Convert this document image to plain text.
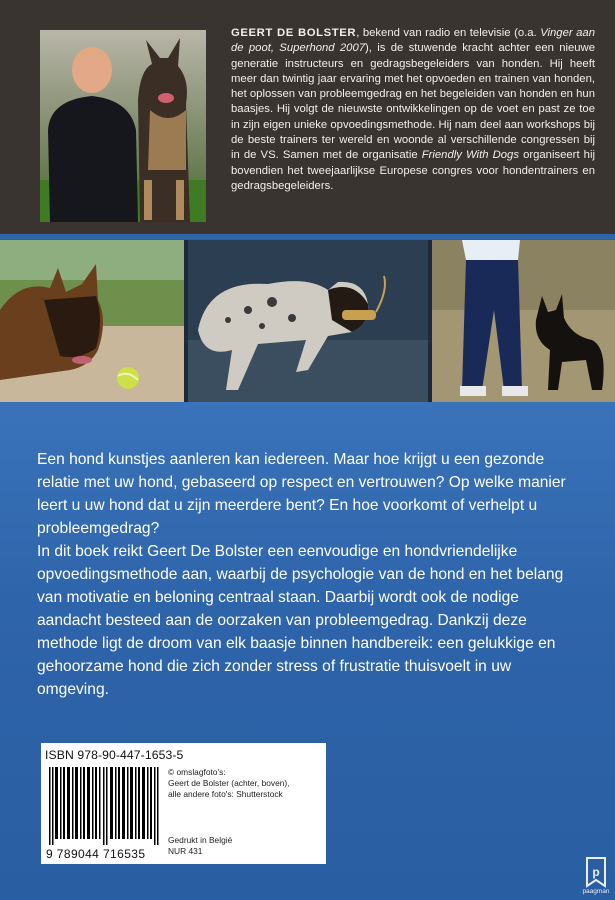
GEERT DE BOLSTER, bekend van radio en televisie (o.a. Vinger aan de poot, Superhond 2007), is de stuwende kracht achter een nieuwe generatie instructeurs en gedragsbegeleiders van honden. Hij heeft meer dan twintig jaar ervaring met het opvoeden en trainen van honden, het oplossen van probleemgedrag en het begeleiden van honden en hun baasjes. Hij volgt de nieuwste ontwikkelingen op de voet en past ze toe in zijn eigen unieke opvoedingsmethode. Hij nam deel aan workshops bij de beste trainers ter wereld en woonde al verschillende congressen bij in de VS. Samen met de organisatie Friendly With Dogs organiseert hij bovendien het tweejaarlijkse Europese congres voor hondentrainers en gedragsbegeleiders.

Een hond kunstjes aanleren kan iedereen. Maar hoe krijgt u een gezonde relatie met uw hond, gebaseerd op respect en vertrouwen? Op welke manier leert u uw hond dat u zijn meerdere bent? En hoe voorkomt of verhelpt u probleemgedrag?

In dit boek reikt Geert De Bolster een eenvoudige en hondvriendelijke opvoedingsmethode aan, waarbij de psychologie van de hond en het belang van motivatie en beloning centraal staan. Daarbij wordt ook de nodige aandacht besteed aan de oorzaken van probleemgedrag. Dankzij deze methode ligt de droom van elk baasje binnen handbereik: een gelukkige en gehoorzame hond die zich zonder stress of frustratie thuisvoelt in uw omgeving.

ISBN 978-90-447-1653-5
9 789044 716535
© omslagfoto's:
Geert de Bolster (achter, boven),
alle andere foto's: Shutterstock
Gedrukt in België
NUR 431
p
paagman
